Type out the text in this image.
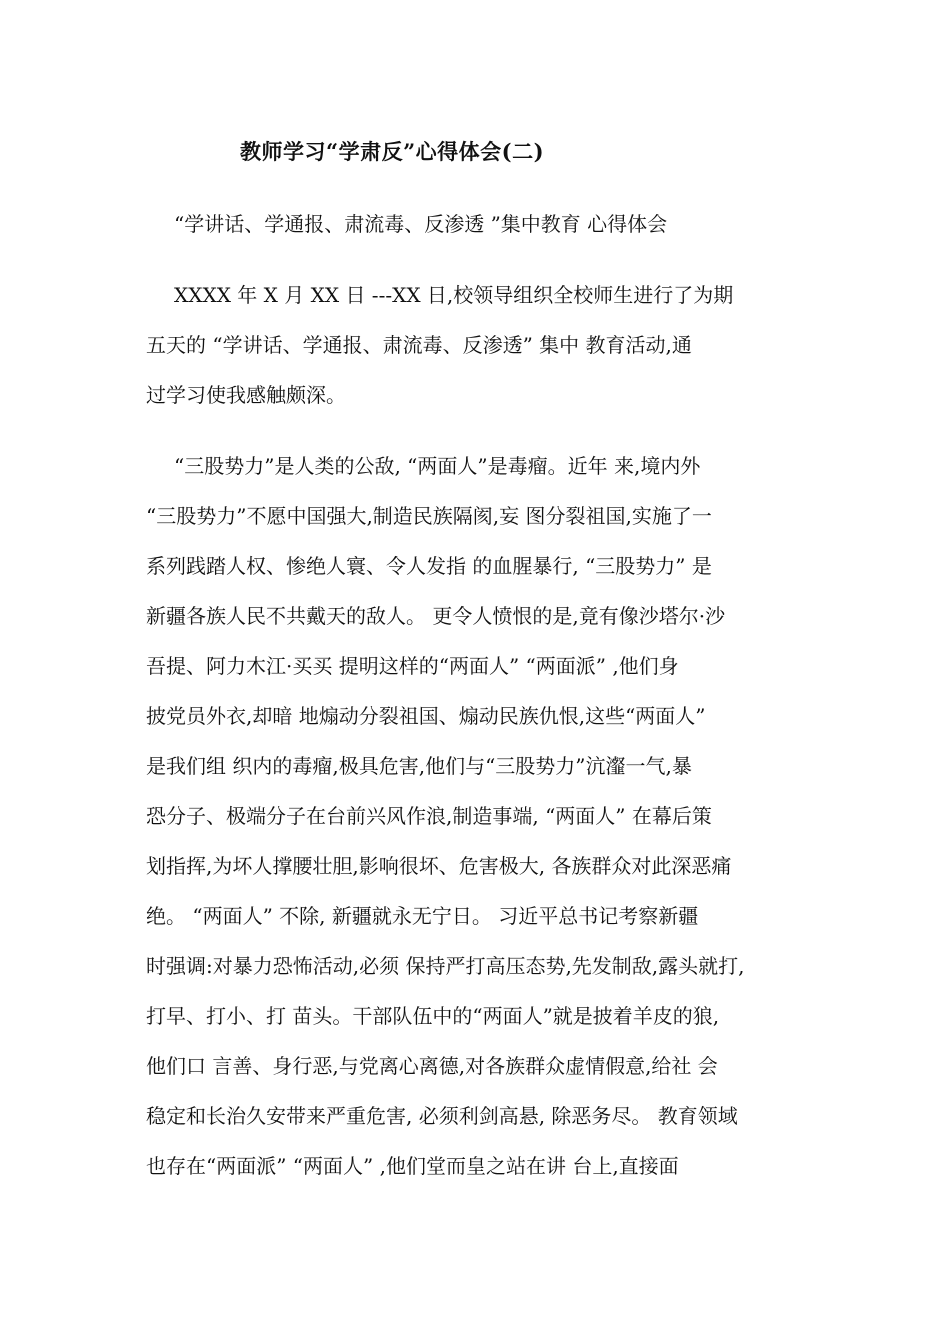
教师学习“学肃反”心得体会(二)
“学讲话、学通报、肃流毒、反渗透 ”集中教育 心得体会
XXXX 年 X 月 XX 日 ---XX 日,校领导组织全校师生进行了为期
五天的 “学讲话、学通报、肃流毒、反渗透” 集中 教育活动,通
过学习使我感触颇深。
“三股势力”是人类的公敌, “两面人”是毒瘤。近年 来,境内外
“三股势力”不愿中国强大,制造民族隔阂,妄 图分裂祖国,实施了一
系列践踏人权、惨绝人寰、令人发指 的血腥暴行, “三股势力” 是
新疆各族人民不共戴天的敌人。 更令人愤恨的是,竟有像沙塔尔·沙
吾提、阿力木江·买买 提明这样的“两面人” “两面派” ,他们身
披党员外衣,却暗 地煽动分裂祖国、煽动民族仇恨,这些“两面人”
是我们组 织内的毒瘤,极具危害,他们与“三股势力”沆瀣一气,暴
恐分子、极端分子在台前兴风作浪,制造事端, “两面人” 在幕后策
划指挥,为坏人撑腰壮胆,影响很坏、危害极大, 各族群众对此深恶痛
绝。 “两面人” 不除, 新疆就永无宁日。 习近平总书记考察新疆
时强调:对暴力恐怖活动,必须 保持严打高压态势,先发制敌,露头就打,
打早、打小、打 苗头。干部队伍中的“两面人”就是披着羊皮的狼,
他们口 言善、身行恶,与党离心离德,对各族群众虚情假意,给社 会
稳定和长治久安带来严重危害, 必须利剑高悬, 除恶务尽。 教育领域
也存在“两面派” “两面人” ,他们堂而皇之站在讲 台上,直接面
